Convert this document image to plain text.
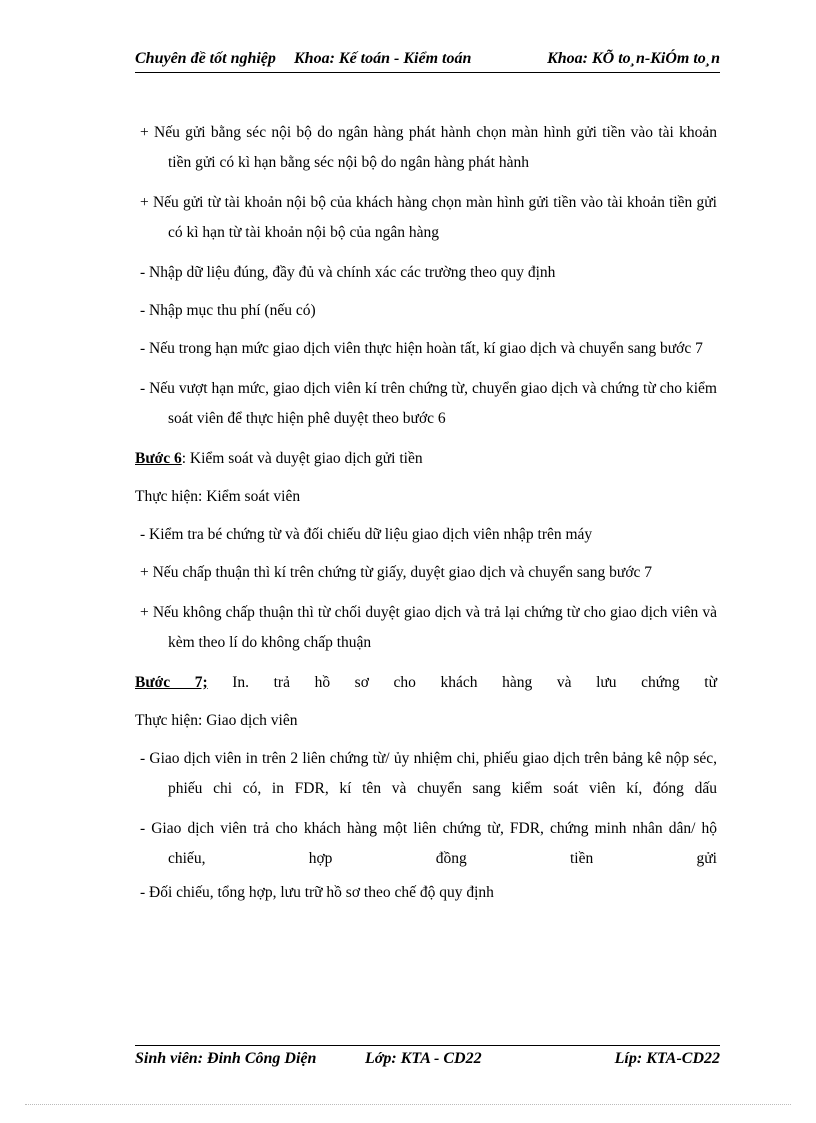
Chuyên đề tốt nghiệp Khoa: Kế toán - Kiểm toán	Khoa: KÕ to¸n-KiÓm to¸n

+ Nếu gửi bằng séc nội bộ do ngân hàng phát hành chọn màn hình gửi tiền vào tài khoản tiền gửi có kì hạn bằng séc nội bộ do ngân hàng phát hành

+ Nếu gửi từ tài khoản nội bộ của khách hàng chọn màn hình gửi tiền vào tài khoản tiền gửi có kì hạn từ tài khoản nội bộ của ngân hàng

- Nhập dữ liệu đúng, đầy đủ và chính xác các trường theo quy định

- Nhập mục thu phí (nếu có)

- Nếu trong hạn mức giao dịch viên thực hiện hoàn tất, kí giao dịch và chuyển sang bước 7

- Nếu vượt hạn mức, giao dịch viên kí trên chứng từ, chuyển giao dịch và chứng từ cho kiểm soát viên để thực hiện phê duyệt theo bước 6

Bước 6: Kiểm soát và duyệt giao dịch gửi tiền

Thực hiện: Kiểm soát viên

- Kiểm tra bé chứng từ và đối chiếu dữ liệu giao dịch viên nhập trên máy

+ Nếu chấp thuận thì kí trên chứng từ giấy, duyệt giao dịch và chuyển sang bước 7

+ Nếu không chấp thuận thì từ chối duyệt giao dịch và trả lại chứng từ cho giao dịch viên và kèm theo lí do không chấp thuận

Bước 7; In. trả hồ sơ cho khách hàng và lưu chứng từ

Thực hiện: Giao dịch viên

- Giao dịch viên in trên 2 liên chứng từ/ ủy nhiệm chi, phiếu giao dịch trên bảng kê nộp séc, phiếu chi có, in FDR, kí tên và chuyển sang kiểm soát viên kí, đóng dấu

- Giao dịch viên trả cho khách hàng một liên chứng từ, FDR, chứng minh nhân dân/ hộ chiếu, hợp đồng tiền gửi

- Đối chiếu, tổng hợp, lưu trữ hồ sơ theo chế độ quy định

Sinh viên: Đinh Công Diện	Lớp: KTA - CD22	Líp: KTA-CD22
